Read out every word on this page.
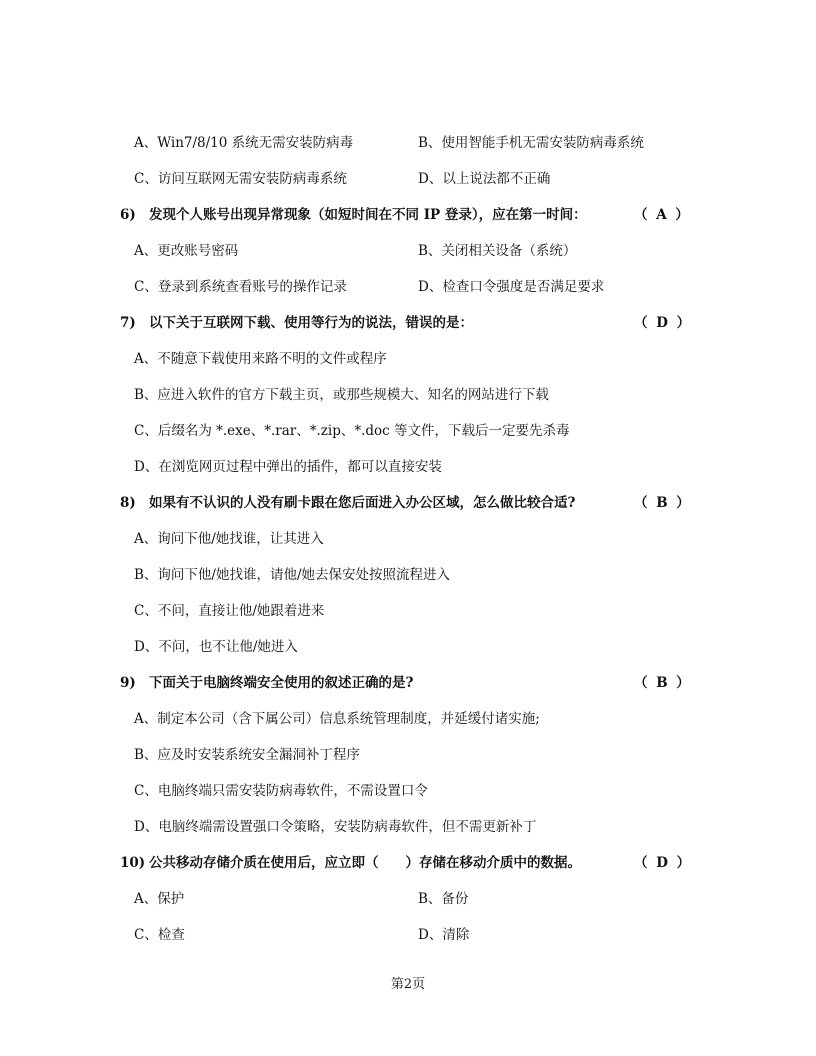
A、Win7/8/10 系统无需安装防病毒	B、使用智能手机无需安装防病毒系统
C、访问互联网无需安装防病毒系统	D、以上说法都不正确
6) 发现个人账号出现异常现象（如短时间在不同 IP 登录），应在第一时间：	（ A ）
A、更改账号密码	B、关闭相关设备（系统）
C、登录到系统查看账号的操作记录	D、检查口令强度是否满足要求
7) 以下关于互联网下载、使用等行为的说法，错误的是：	（ D ）
A、不随意下载使用来路不明的文件或程序
B、应进入软件的官方下载主页，或那些规模大、知名的网站进行下载
C、后缀名为 *.exe、*.rar、*.zip、*.doc 等文件，下载后一定要先杀毒
D、在浏览网页过程中弹出的插件，都可以直接安装
8) 如果有不认识的人没有刷卡跟在您后面进入办公区域，怎么做比较合适?	（ B ）
A、询问下他/她找谁，让其进入
B、询问下他/她找谁，请他/她去保安处按照流程进入
C、不问，直接让他/她跟着进来
D、不问，也不让他/她进入
9) 下面关于电脑终端安全使用的叙述正确的是?	（ B ）
A、制定本公司（含下属公司）信息系统管理制度，并延缓付诸实施;
B、应及时安装系统安全漏洞补丁程序
C、电脑终端只需安装防病毒软件，不需设置口令
D、电脑终端需设置强口令策略，安装防病毒软件，但不需更新补丁
10) 公共移动存储介质在使用后，应立即（　　）存储在移动介质中的数据。	（ D ）
A、保护	B、备份
C、检查	D、清除
第2页
